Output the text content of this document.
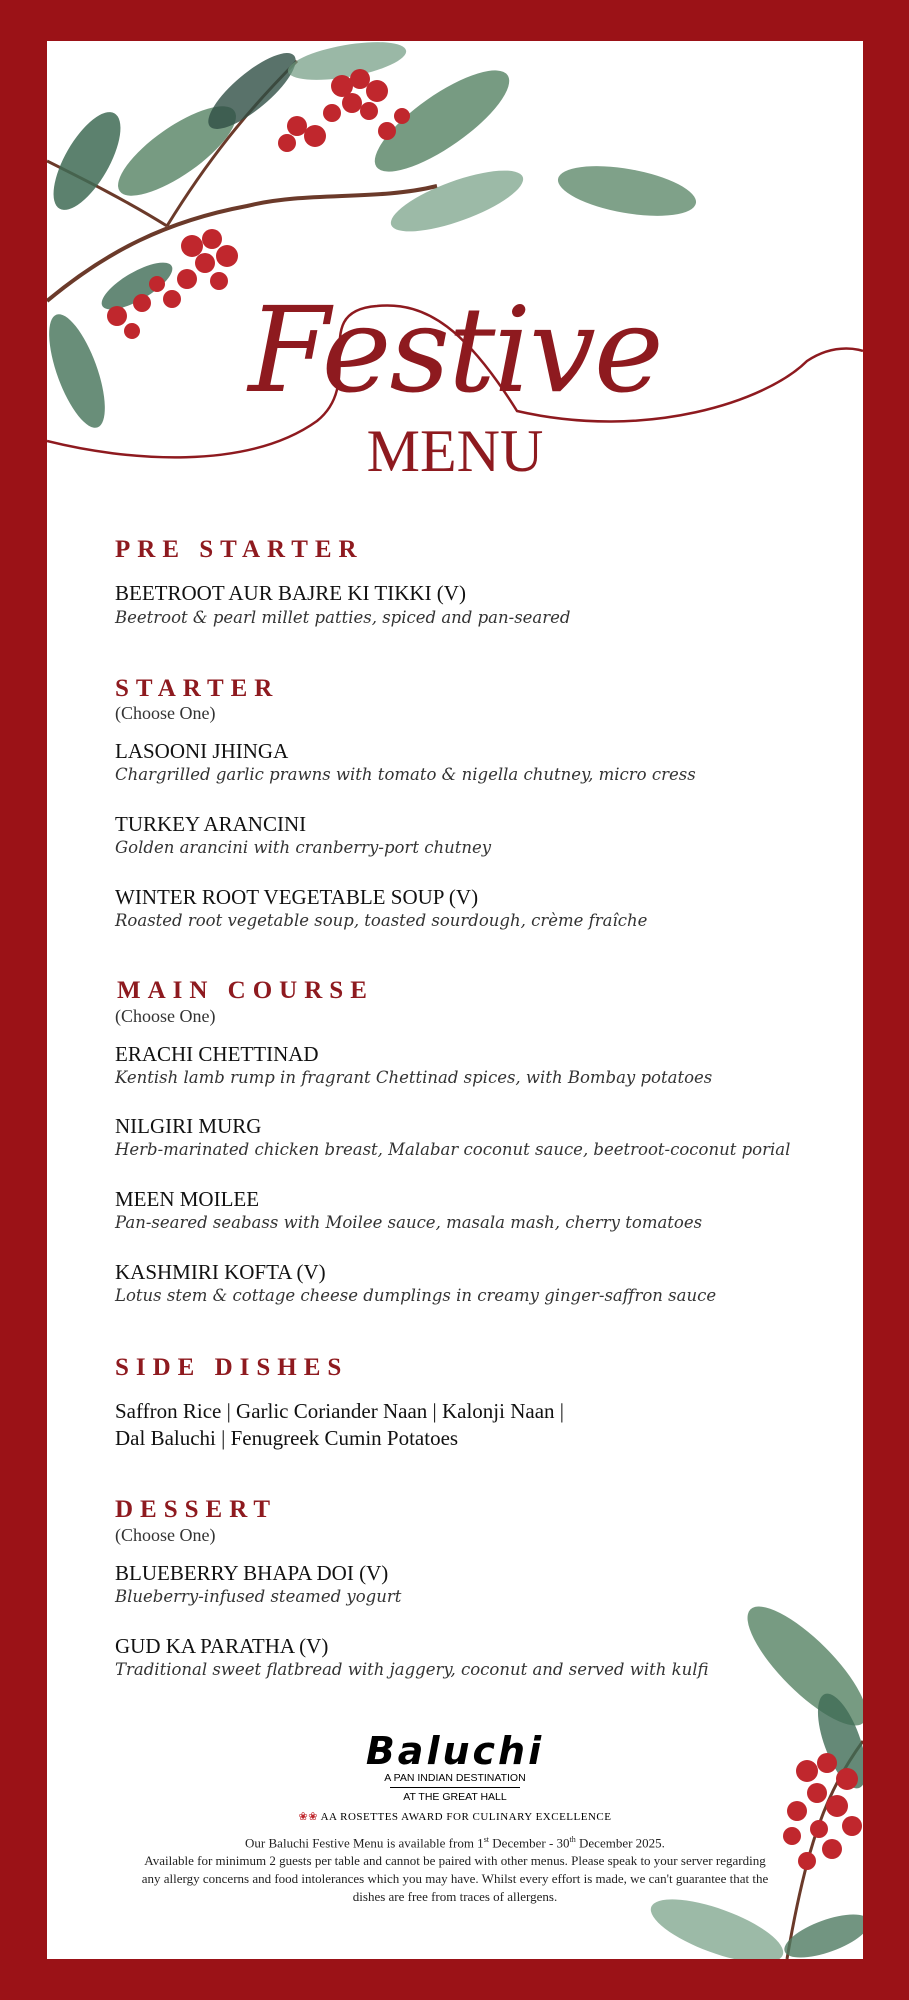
Festive
MENU
PRE STARTER
BEETROOT AUR BAJRE KI TIKKI (V)
Beetroot & pearl millet patties, spiced and pan-seared
STARTER
(Choose One)
LASOONI JHINGA
Chargrilled garlic prawns with tomato & nigella chutney, micro cress
TURKEY ARANCINI
Golden arancini with cranberry-port chutney
WINTER ROOT VEGETABLE SOUP (V)
Roasted root vegetable soup, toasted sourdough, crème fraîche
MAIN COURSE
(Choose One)
ERACHI CHETTINAD
Kentish lamb rump in fragrant Chettinad spices, with Bombay potatoes
NILGIRI MURG
Herb-marinated chicken breast, Malabar coconut sauce, beetroot-coconut porial
MEEN MOILEE
Pan-seared seabass with Moilee sauce, masala mash, cherry tomatoes
KASHMIRI KOFTA (V)
Lotus stem & cottage cheese dumplings in creamy ginger-saffron sauce
SIDE DISHES
Saffron Rice | Garlic Coriander Naan | Kalonji Naan |
Dal Baluchi | Fenugreek Cumin Potatoes
DESSERT
(Choose One)
BLUEBERRY BHAPA DOI (V)
Blueberry-infused steamed yogurt
GUD KA PARATHA (V)
Traditional sweet flatbread with jaggery, coconut and served with kulfi
Baluchi
A PAN INDIAN DESTINATION
AT THE GREAT HALL
❀❀ AA ROSETTES AWARD FOR CULINARY EXCELLENCE
Our Baluchi Festive Menu is available from 1st December - 30th December 2025.
Available for minimum 2 guests per table and cannot be paired with other menus. Please speak to your server regarding any allergy concerns and food intolerances which you may have. Whilst every effort is made, we can't guarantee that the dishes are free from traces of allergens.
